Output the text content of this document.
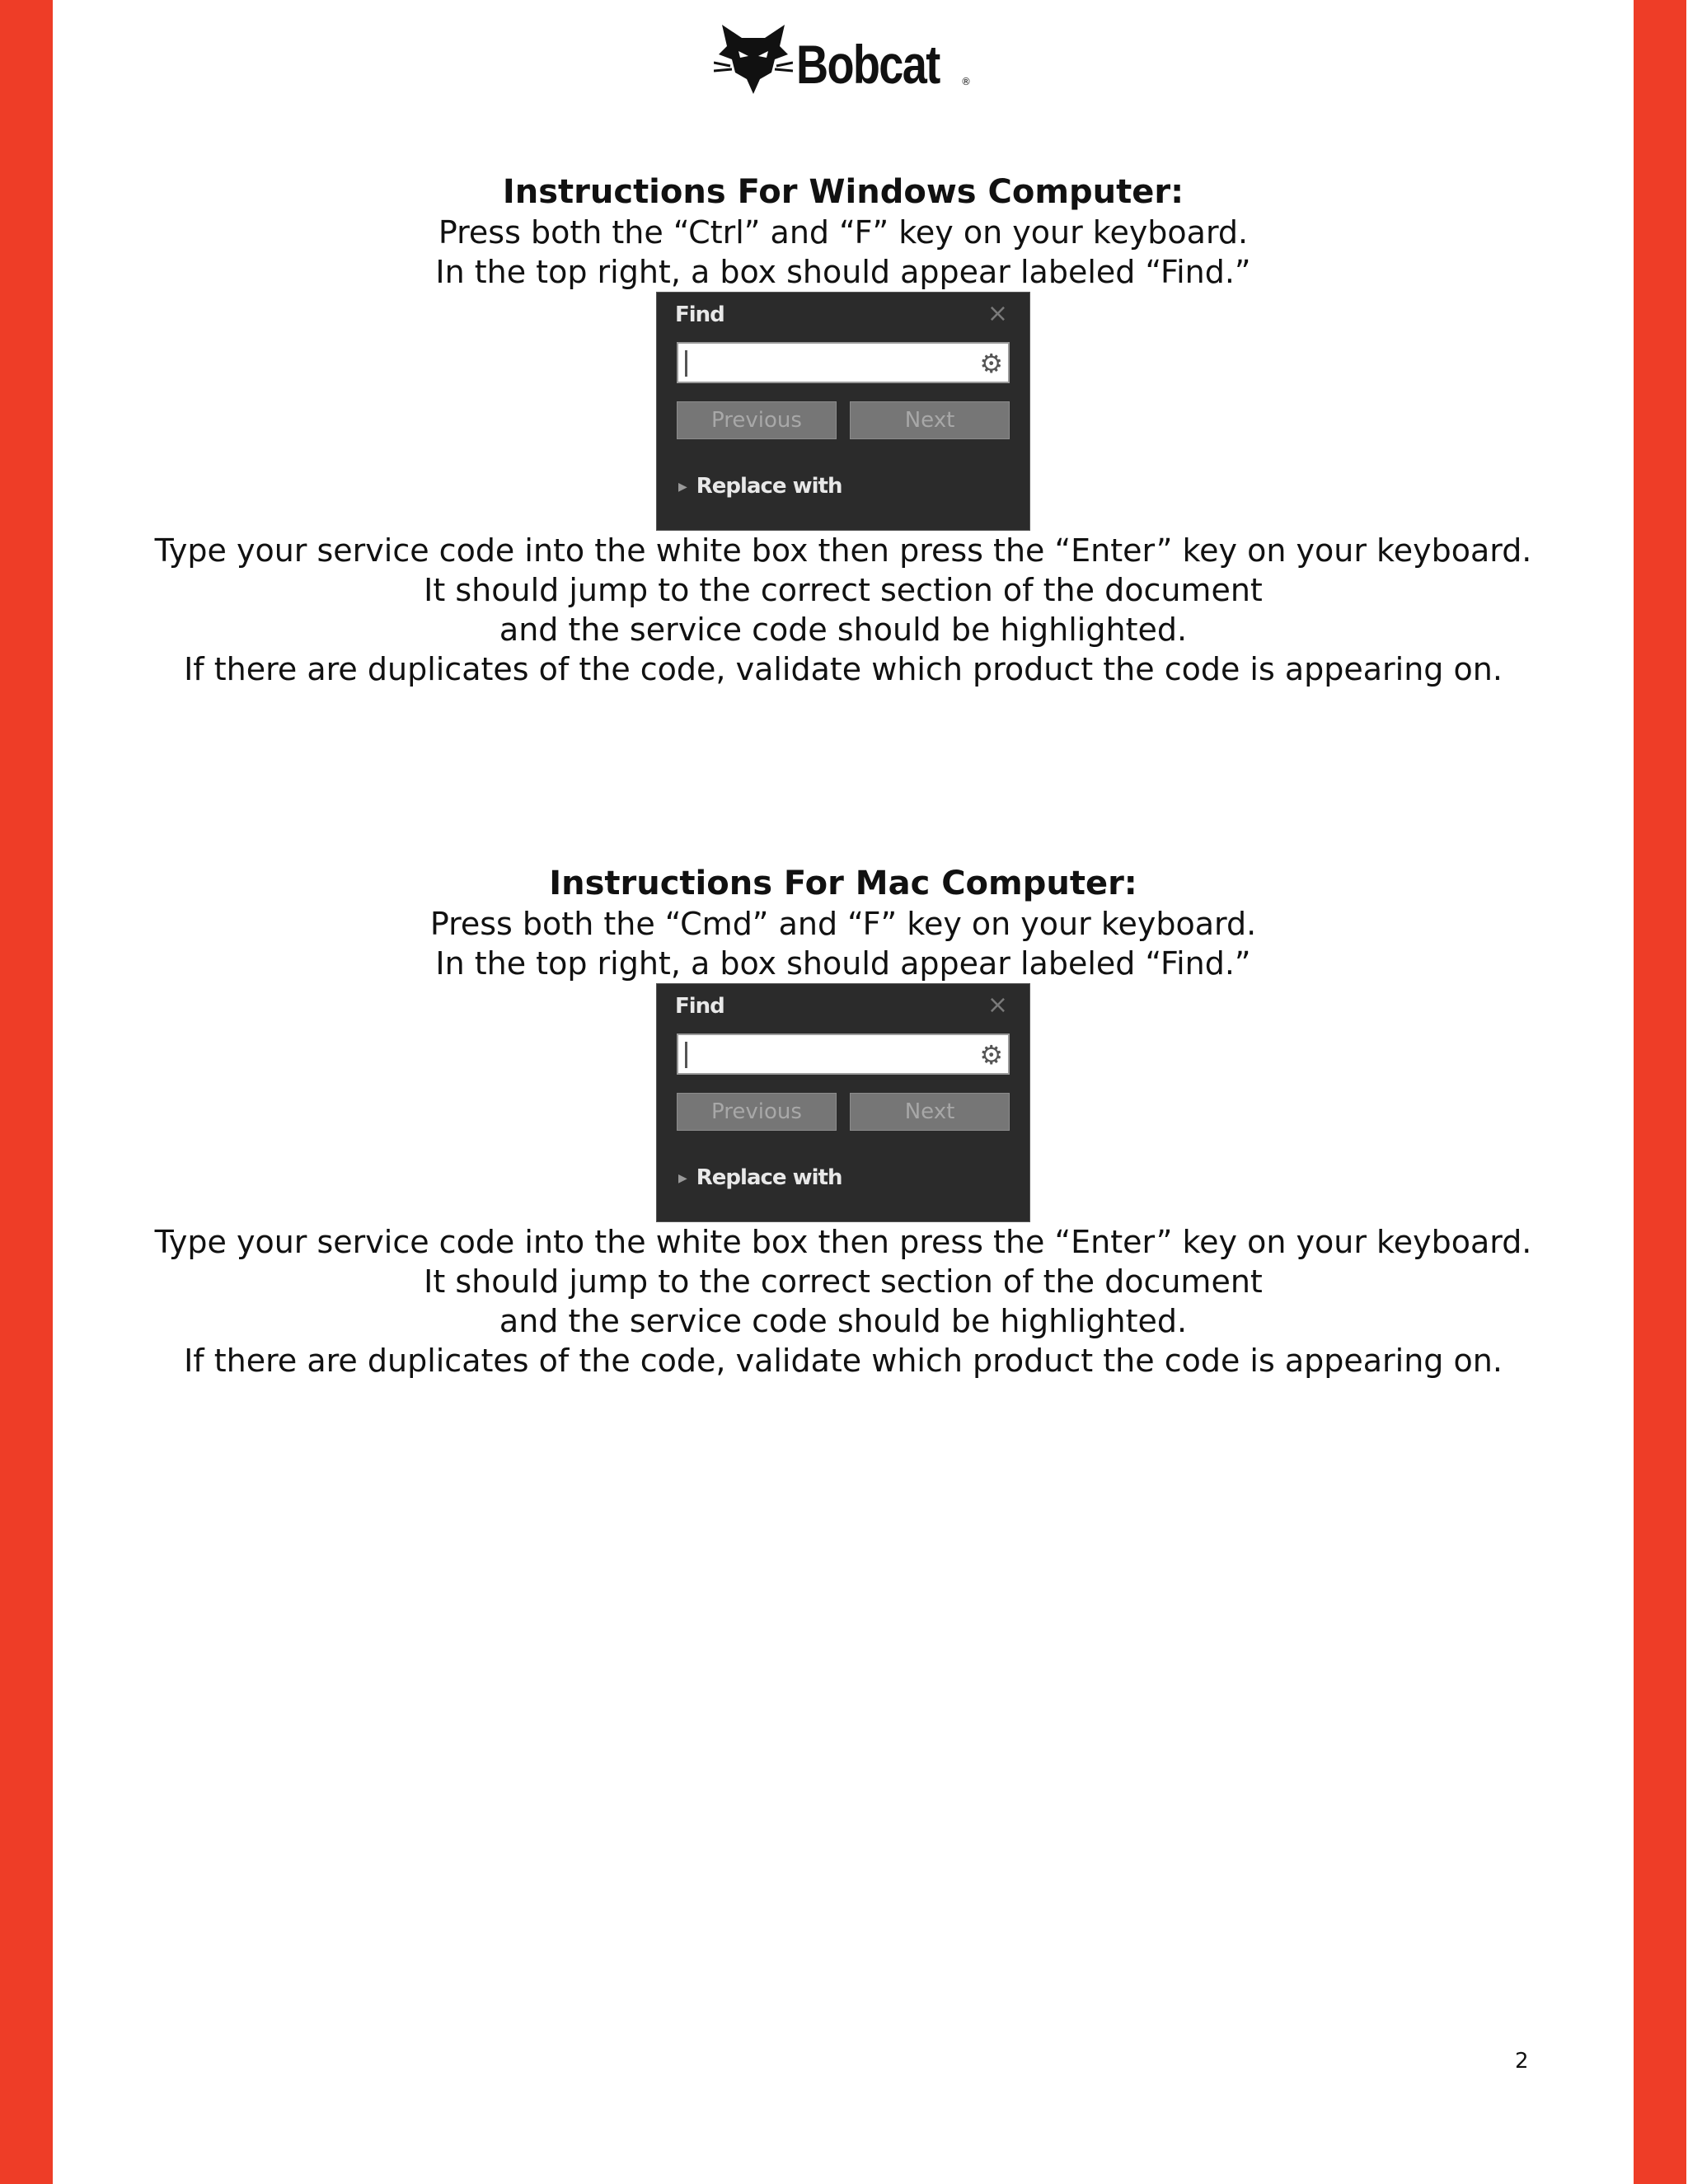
Bobcat ®
Instructions For Windows Computer:

Press both the “Ctrl” and “F” key on your keyboard.

In the top right, a box should appear labeled “Find.”

Find	×
⚙
Previous	Next
▶ Replace with

Type your service code into the white box then press the “Enter” key on your keyboard.

It should jump to the correct section of the document

and the service code should be highlighted.

If there are duplicates of the code, validate which product the code is appearing on.

Instructions For Mac Computer:

Press both the “Cmd” and “F” key on your keyboard.

In the top right, a box should appear labeled “Find.”

Find	×
⚙
Previous	Next
▶ Replace with

Type your service code into the white box then press the “Enter” key on your keyboard.

It should jump to the correct section of the document

and the service code should be highlighted.

If there are duplicates of the code, validate which product the code is appearing on.

2
